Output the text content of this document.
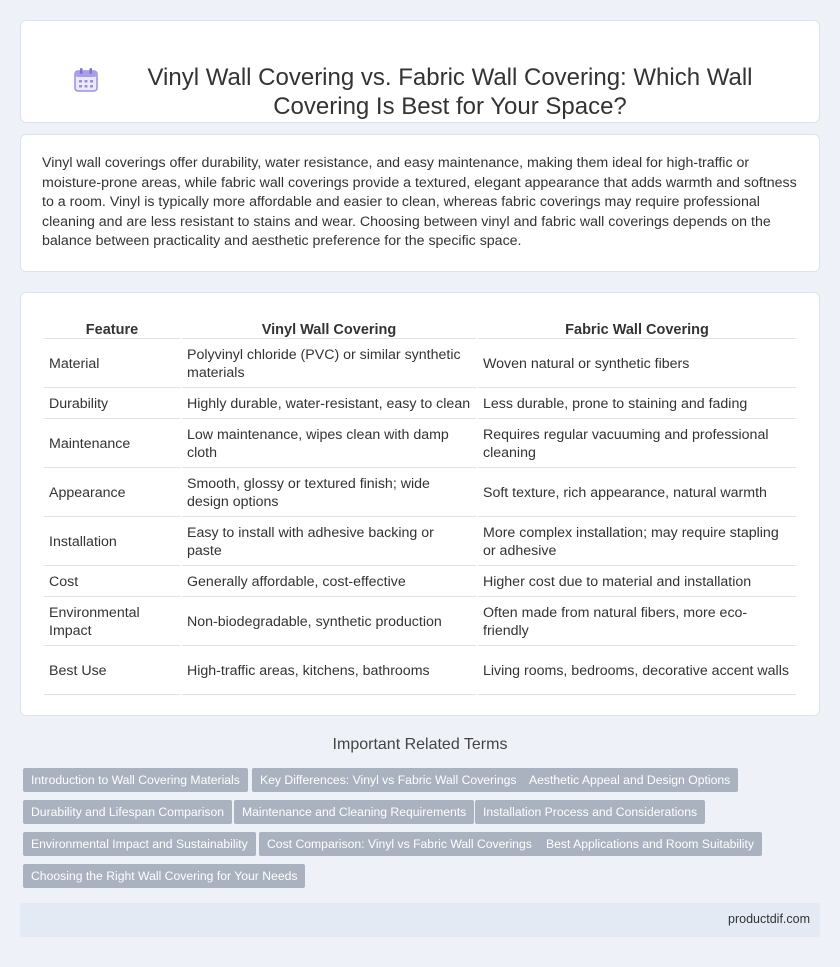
Vinyl Wall Covering vs. Fabric Wall Covering: Which Wall Covering Is Best for Your Space?

Vinyl wall coverings offer durability, water resistance, and easy maintenance, making them ideal for high-traffic or moisture-prone areas, while fabric wall coverings provide a textured, elegant appearance that adds warmth and softness to a room. Vinyl is typically more affordable and easier to clean, whereas fabric coverings may require professional cleaning and are less resistant to stains and wear. Choosing between vinyl and fabric wall coverings depends on the balance between practicality and aesthetic preference for the specific space.

Feature	Vinyl Wall Covering	Fabric Wall Covering
Material	Polyvinyl chloride (PVC) or similar synthetic materials	Woven natural or synthetic fibers
Durability	Highly durable, water-resistant, easy to clean	Less durable, prone to staining and fading
Maintenance	Low maintenance, wipes clean with damp cloth	Requires regular vacuuming and professional cleaning
Appearance	Smooth, glossy or textured finish; wide design options	Soft texture, rich appearance, natural warmth
Installation	Easy to install with adhesive backing or paste	More complex installation; may require stapling or adhesive
Cost	Generally affordable, cost-effective	Higher cost due to material and installation
Environmental Impact	Non-biodegradable, synthetic production	Often made from natural fibers, more eco-friendly
Best Use	High-traffic areas, kitchens, bathrooms	Living rooms, bedrooms, decorative accent walls
Important Related Terms
Introduction to Wall Covering Materials	Key Differences: Vinyl vs Fabric Wall Coverings	Aesthetic Appeal and Design Options
Durability and Lifespan Comparison	Maintenance and Cleaning Requirements	Installation Process and Considerations
Environmental Impact and Sustainability	Cost Comparison: Vinyl vs Fabric Wall Coverings	Best Applications and Room Suitability
Choosing the Right Wall Covering for Your Needs
productdif.com
